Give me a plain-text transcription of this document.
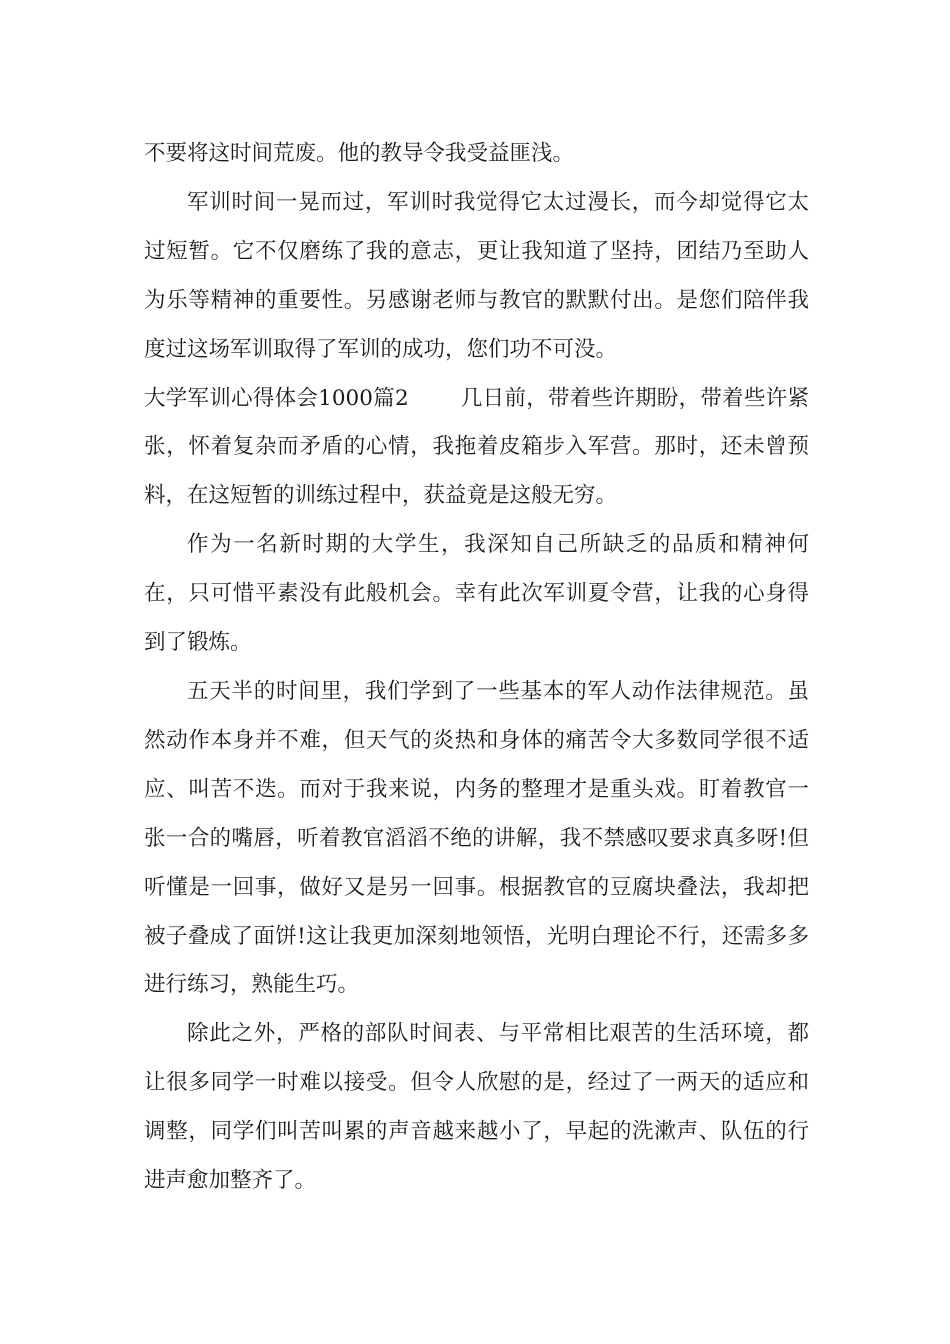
不要将这时间荒废。他的教导令我受益匪浅。

军训时间一晃而过，军训时我觉得它太过漫长，而今却觉得它太过短暂。它不仅磨练了我的意志，更让我知道了坚持，团结乃至助人为乐等精神的重要性。另感谢老师与教官的默默付出。是您们陪伴我度过这场军训取得了军训的成功，您们功不可没。

大学军训心得体会1000篇2 几日前，带着些许期盼，带着些许紧张，怀着复杂而矛盾的心情，我拖着皮箱步入军营。那时，还未曾预料，在这短暂的训练过程中，获益竟是这般无穷。

作为一名新时期的大学生，我深知自己所缺乏的品质和精神何在，只可惜平素没有此般机会。幸有此次军训夏令营，让我的心身得到了锻炼。

五天半的时间里，我们学到了一些基本的军人动作法律规范。虽然动作本身并不难，但天气的炎热和身体的痛苦令大多数同学很不适应、叫苦不迭。而对于我来说，内务的整理才是重头戏。盯着教官一张一合的嘴唇，听着教官滔滔不绝的讲解，我不禁感叹要求真多呀!但听懂是一回事，做好又是另一回事。根据教官的豆腐块叠法，我却把被子叠成了面饼!这让我更加深刻地领悟，光明白理论不行，还需多多进行练习，熟能生巧。

除此之外，严格的部队时间表、与平常相比艰苦的生活环境，都让很多同学一时难以接受。但令人欣慰的是，经过了一两天的适应和调整，同学们叫苦叫累的声音越来越小了，早起的洗漱声、队伍的行进声愈加整齐了。
